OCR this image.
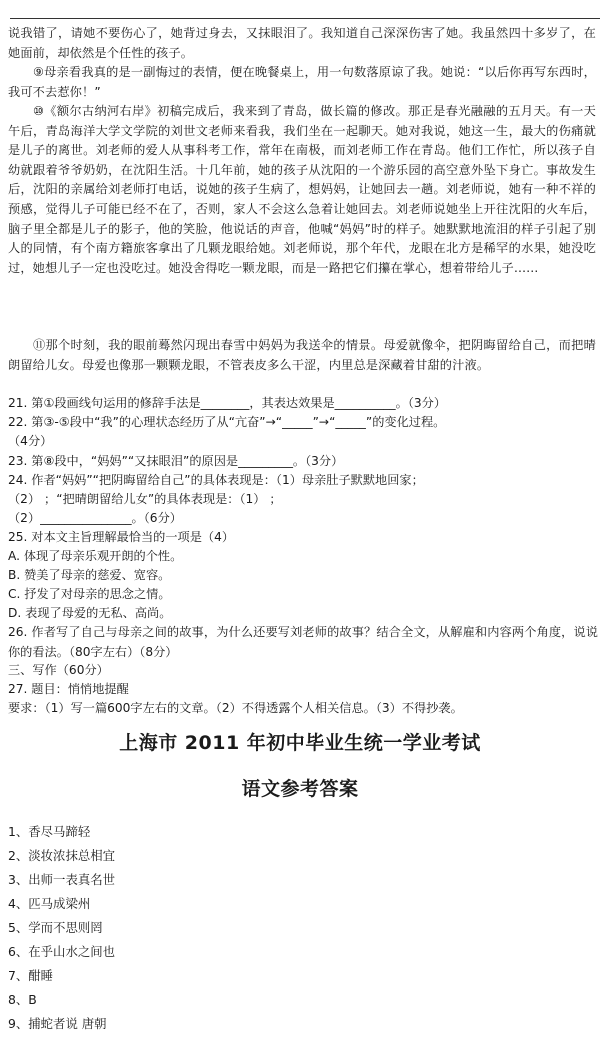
说我错了，请她不要伤心了，她背过身去，又抹眼泪了。我知道自己深深伤害了她。我虽然四十多岁了，在她面前，却依然是个任性的孩子。

⑨母亲看我真的是一副悔过的表情，便在晚餐桌上，用一句数落原谅了我。她说：“以后你再写东西时，我可不去惹你！”

⑩《额尔古纳河右岸》初稿完成后，我来到了青岛，做长篇的修改。那正是春光融融的五月天。有一天午后，青岛海洋大学文学院的刘世文老师来看我，我们坐在一起聊天。她对我说，她这一生，最大的伤痛就是儿子的离世。刘老师的爱人从事科考工作，常年在南极，而刘老师工作在青岛。他们工作忙，所以孩子自幼就跟着爷爷奶奶，在沈阳生活。十几年前，她的孩子从沈阳的一个游乐园的高空意外坠下身亡。事故发生后，沈阳的亲属给刘老师打电话，说她的孩子生病了，想妈妈，让她回去一趟。刘老师说，她有一种不祥的预感，觉得儿子可能已经不在了，否则，家人不会这么急着让她回去。刘老师说她坐上开往沈阳的火车后，脑子里全都是儿子的影子，他的笑脸，他说话的声音，他喊“妈妈”时的样子。她默默地流泪的样子引起了别人的同情，有个南方籍旅客拿出了几颗龙眼给她。刘老师说，那个年代，龙眼在北方是稀罕的水果，她没吃过，她想儿子一定也没吃过。她没舍得吃一颗龙眼，而是一路把它们攥在掌心，想着带给儿子……

⑪那个时刻，我的眼前蓦然闪现出春雪中妈妈为我送伞的情景。母爱就像伞，把阴晦留给自己，而把晴朗留给儿女。母爱也像那一颗颗龙眼，不管表皮多么干涩，内里总是深藏着甘甜的汁液。

21. 第①段画线句运用的修辞手法是________，其表达效果是__________。（3分）

22. 第③-⑤段中“我”的心理状态经历了从“亢奋”→“_____”→“_____”的变化过程。

（4分）

23. 第⑧段中，“妈妈”“又抹眼泪”的原因是_________。（3分）

24. 作者“妈妈”“把阴晦留给自己”的具体表现是：（1）母亲肚子默默地回家；

（2） ；“把晴朗留给儿女”的具体表现是：（1） ；

（2）_______________。（6分）

25. 对本文主旨理解最恰当的一项是（4）

A. 体现了母亲乐观开朗的个性。

B. 赞美了母亲的慈爱、宽容。

C. 抒发了对母亲的思念之情。

D. 表现了母爱的无私、高尚。

26. 作者写了自己与母亲之间的故事，为什么还要写刘老师的故事？结合全文，从解雇和内容两个角度，说说你的看法。（80字左右）（8分）

三、写作（60分）

27. 题目：悄悄地提醒

要求：（1）写一篇600字左右的文章。（2）不得透露个人相关信息。（3）不得抄袭。

上海市 2011 年初中毕业生统一学业考试
语文参考答案

1、香尽马蹄轻

2、淡妆浓抹总相宜

3、出师一表真名世

4、匹马成梁州

5、学而不思则罔

6、在乎山水之间也

7、酣睡

8、B

9、捕蛇者说 唐朝
